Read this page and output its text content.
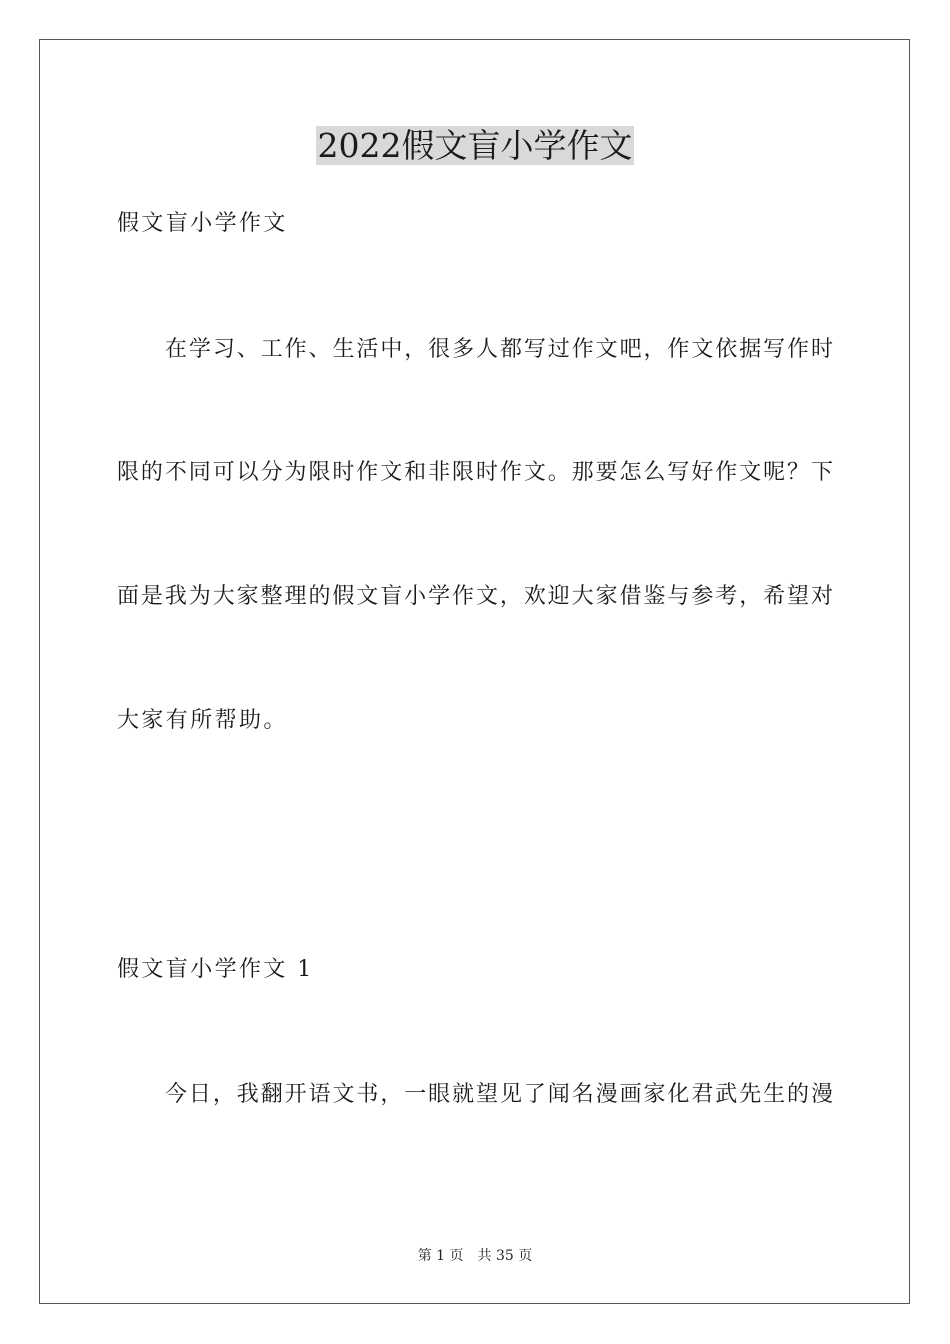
2022假文盲小学作文
假文盲小学作文
在学习、工作、生活中，很多人都写过作文吧，作文依据写作时
限的不同可以分为限时作文和非限时作文。那要怎么写好作文呢？下
面是我为大家整理的假文盲小学作文，欢迎大家借鉴与参考，希望对
大家有所帮助。
假文盲小学作文 1
今日，我翻开语文书，一眼就望见了闻名漫画家化君武先生的漫
第 1 页　共 35 页
